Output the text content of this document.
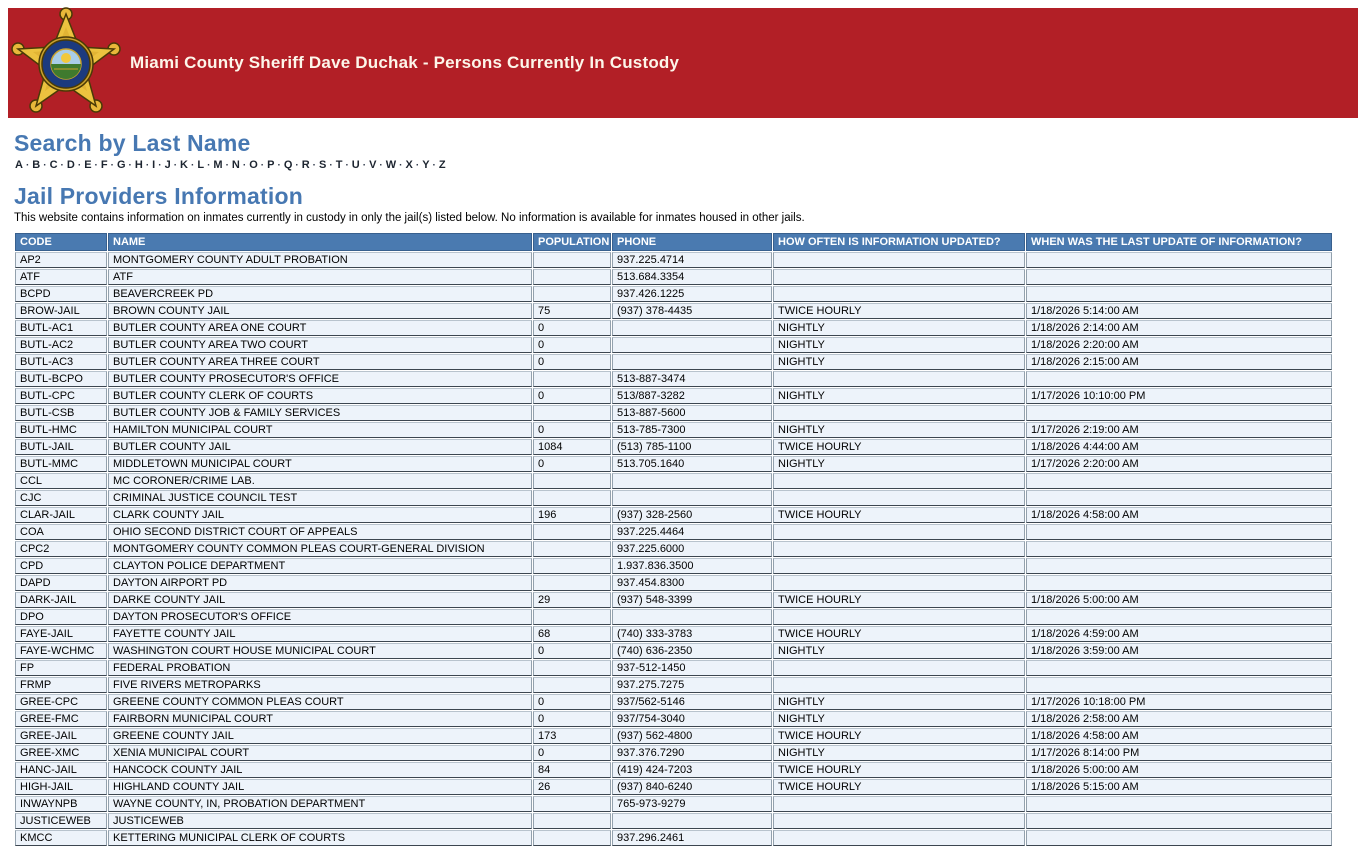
Miami County Sheriff Dave Duchak - Persons Currently In Custody
Search by Last Name
A · B · C · D · E · F · G · H · I · J · K · L · M · N · O · P · Q · R · S · T · U · V · W · X · Y · Z
Jail Providers Information
This website contains information on inmates currently in custody in only the jail(s) listed below. No information is available for inmates housed in other jails.
CODE	NAME	POPULATION	PHONE	HOW OFTEN IS INFORMATION UPDATED?	WHEN WAS THE LAST UPDATE OF INFORMATION?
AP2	MONTGOMERY COUNTY ADULT PROBATION		937.225.4714		
ATF	ATF		513.684.3354		
BCPD	BEAVERCREEK PD		937.426.1225		
BROW-JAIL	BROWN COUNTY JAIL	75	(937) 378-4435	TWICE HOURLY	1/18/2026 5:14:00 AM
BUTL-AC1	BUTLER COUNTY AREA ONE COURT	0		NIGHTLY	1/18/2026 2:14:00 AM
BUTL-AC2	BUTLER COUNTY AREA TWO COURT	0		NIGHTLY	1/18/2026 2:20:00 AM
BUTL-AC3	BUTLER COUNTY AREA THREE COURT	0		NIGHTLY	1/18/2026 2:15:00 AM
BUTL-BCPO	BUTLER COUNTY PROSECUTOR'S OFFICE		513-887-3474		
BUTL-CPC	BUTLER COUNTY CLERK OF COURTS	0	513/887-3282	NIGHTLY	1/17/2026 10:10:00 PM
BUTL-CSB	BUTLER COUNTY JOB & FAMILY SERVICES		513-887-5600		
BUTL-HMC	HAMILTON MUNICIPAL COURT	0	513-785-7300	NIGHTLY	1/17/2026 2:19:00 AM
BUTL-JAIL	BUTLER COUNTY JAIL	1084	(513) 785-1100	TWICE HOURLY	1/18/2026 4:44:00 AM
BUTL-MMC	MIDDLETOWN MUNICIPAL COURT	0	513.705.1640	NIGHTLY	1/17/2026 2:20:00 AM
CCL	MC CORONER/CRIME LAB.				
CJC	CRIMINAL JUSTICE COUNCIL TEST				
CLAR-JAIL	CLARK COUNTY JAIL	196	(937) 328-2560	TWICE HOURLY	1/18/2026 4:58:00 AM
COA	OHIO SECOND DISTRICT COURT OF APPEALS		937.225.4464		
CPC2	MONTGOMERY COUNTY COMMON PLEAS COURT-GENERAL DIVISION		937.225.6000		
CPD	CLAYTON POLICE DEPARTMENT		1.937.836.3500		
DAPD	DAYTON AIRPORT PD		937.454.8300		
DARK-JAIL	DARKE COUNTY JAIL	29	(937) 548-3399	TWICE HOURLY	1/18/2026 5:00:00 AM
DPO	DAYTON PROSECUTOR'S OFFICE				
FAYE-JAIL	FAYETTE COUNTY JAIL	68	(740) 333-3783	TWICE HOURLY	1/18/2026 4:59:00 AM
FAYE-WCHMC	WASHINGTON COURT HOUSE MUNICIPAL COURT	0	(740) 636-2350	NIGHTLY	1/18/2026 3:59:00 AM
FP	FEDERAL PROBATION		937-512-1450		
FRMP	FIVE RIVERS METROPARKS		937.275.7275		
GREE-CPC	GREENE COUNTY COMMON PLEAS COURT	0	937/562-5146	NIGHTLY	1/17/2026 10:18:00 PM
GREE-FMC	FAIRBORN MUNICIPAL COURT	0	937/754-3040	NIGHTLY	1/18/2026 2:58:00 AM
GREE-JAIL	GREENE COUNTY JAIL	173	(937) 562-4800	TWICE HOURLY	1/18/2026 4:58:00 AM
GREE-XMC	XENIA MUNICIPAL COURT	0	937.376.7290	NIGHTLY	1/17/2026 8:14:00 PM
HANC-JAIL	HANCOCK COUNTY JAIL	84	(419) 424-7203	TWICE HOURLY	1/18/2026 5:00:00 AM
HIGH-JAIL	HIGHLAND COUNTY JAIL	26	(937) 840-6240	TWICE HOURLY	1/18/2026 5:15:00 AM
INWAYNPB	WAYNE COUNTY, IN, PROBATION DEPARTMENT		765-973-9279		
JUSTICEWEB	JUSTICEWEB				
KMCC	KETTERING MUNICIPAL CLERK OF COURTS		937.296.2461		
